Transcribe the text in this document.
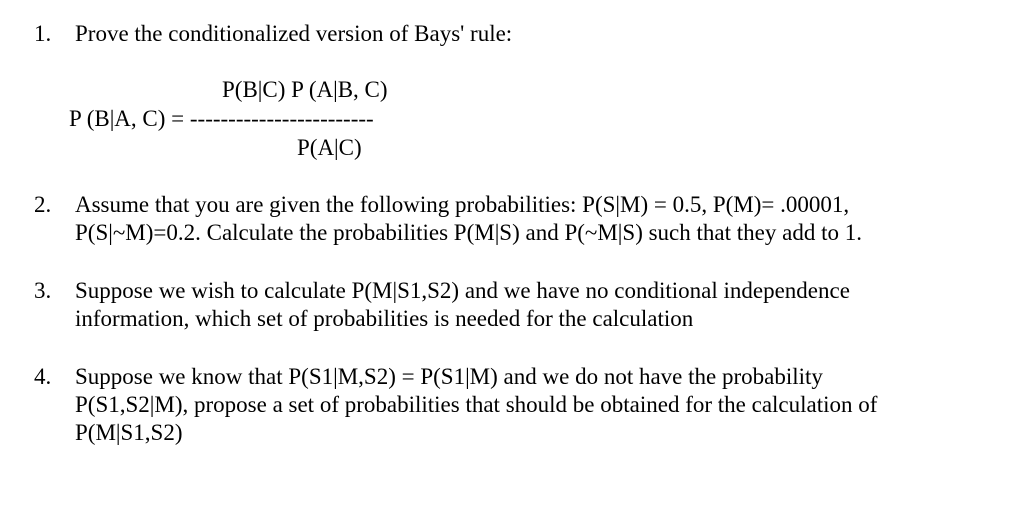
1. Prove the conditionalized version of Bays' rule:
P(B|C) P (A|B, C)
P (B|A, C) = ------------------------
P(A|C)
2. Assume that you are given the following probabilities: P(S|M) = 0.5, P(M)= .00001,
P(S|~M)=0.2. Calculate the probabilities P(M|S) and P(~M|S) such that they add to 1.
3. Suppose we wish to calculate P(M|S1,S2) and we have no conditional independence
information, which set of probabilities is needed for the calculation
4. Suppose we know that P(S1|M,S2) = P(S1|M) and we do not have the probability
P(S1,S2|M), propose a set of probabilities that should be obtained for the calculation of
P(M|S1,S2)
